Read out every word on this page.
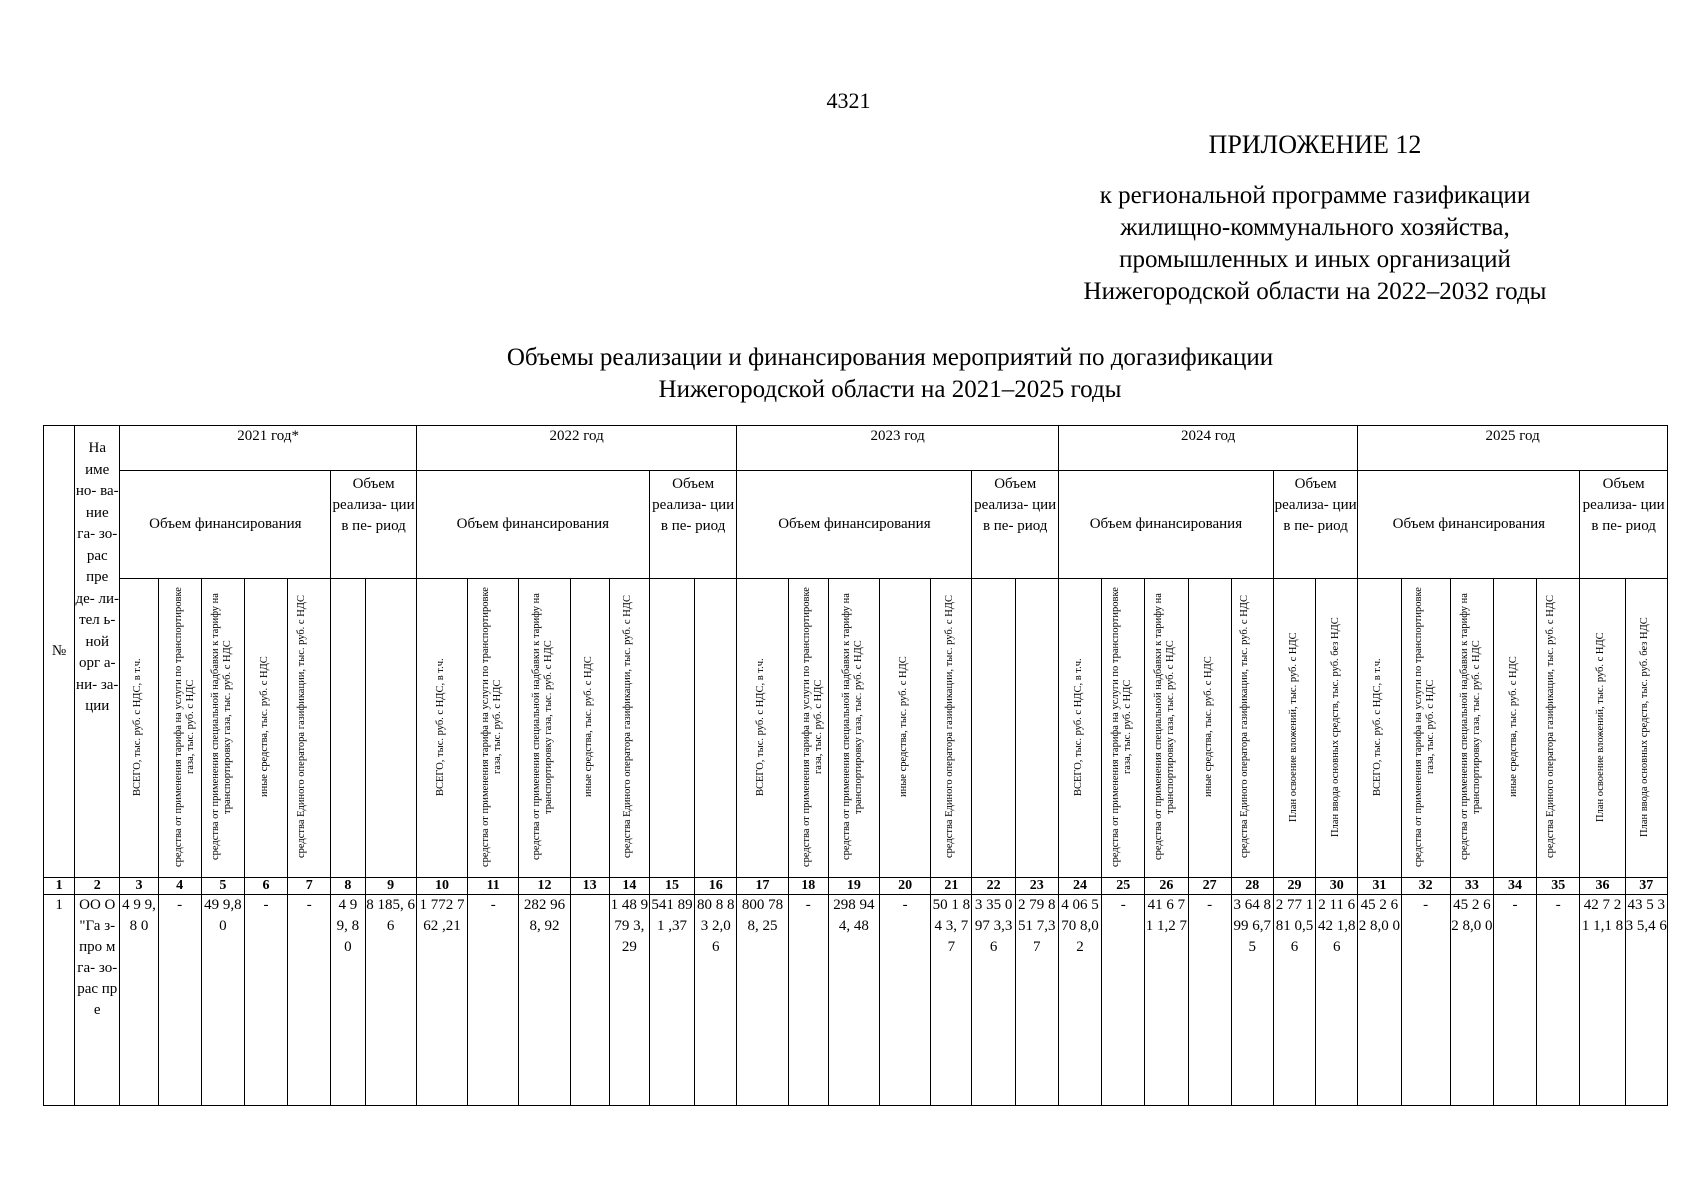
4321
ПРИЛОЖЕНИЕ 12
к региональной программе газификации
жилищно-коммунального хозяйства,
промышленных и иных организаций
Нижегородской области на 2022–2032 годы
Объемы реализации и финансирования мероприятий по догазификации
Нижегородской области на 2021–2025 годы
№	На име но- ва- ние га- зо- рас пре де- ли- тел ь- ной орг а- ни- за- ции	2021 год*							2022 год							2023 год							2024 год							2025 год						
		Объем финансирования					Объем реализа- ции в пе- риод		Объем финансирования					Объем реализа- ции в пе- риод		Объем финансирования					Объем реализа- ции в пе- риод		Объем финансирования					Объем реализа- ции в пе- риод		Объем финансирования					Объем реализа- ции в пе- риод	

		ВСЕГО, тыс. руб. с НДС, в т.ч.	средства от применения тарифа на услуги по транспортировке газа, тыс. руб. с НДС	средства от применения специальной надбавки к тарифу на транспортировку газа, тыс. руб. с НДС	иные средства, тыс. руб. с НДС	средства Единого оператора газификации, тыс. руб. с НДС			ВСЕГО, тыс. руб. с НДС, в т.ч.	средства от применения тарифа на услуги по транспортировке газа, тыс. руб. с НДС	средства от применения специальной надбавки к тарифу на транспортировку газа, тыс. руб. с НДС	иные средства, тыс. руб. с НДС	средства Единого оператора газификации, тыс. руб. с НДС			ВСЕГО, тыс. руб. с НДС, в т.ч.	средства от применения тарифа на услуги по транспортировке газа, тыс. руб. с НДС	средства от применения специальной надбавки к тарифу на транспортировку газа, тыс. руб. с НДС	иные средства, тыс. руб. с НДС	средства Единого оператора газификации, тыс. руб. с НДС			ВСЕГО, тыс. руб. с НДС, в т.ч.	средства от применения тарифа на услуги по транспортировке газа, тыс. руб. с НДС	средства от применения специальной надбавки к тарифу на транспортировку газа, тыс. руб. с НДС	иные средства, тыс. руб. с НДС	средства Единого оператора газификации, тыс. руб. с НДС	План освоение вложений, тыс. руб. с НДС	План ввода основных средств, тыс. руб. без НДС	ВСЕГО, тыс. руб. с НДС, в т.ч.	средства от применения тарифа на услуги по транспортировке газа, тыс. руб. с НДС	средства от применения специальной надбавки к тарифу на транспортировку газа, тыс. руб. с НДС	иные средства, тыс. руб. с НДС	средства Единого оператора газификации, тыс. руб. с НДС	План освоение вложений, тыс. руб. с НДС	План ввода основных средств, тыс. руб. без НДС

1	2	3	4	5	6	7	8	9	10	11	12	13	14	15	16	17	18	19	20	21	22	23	24	25	26	27	28	29	30	31	32	33	34	35	36	37
1	ОО О "Га з- про м га- зо- рас пре	4 9 9, 8 0	-	49 9,8 0	-	-	4 9 9, 8 0	8 185, 66	1 772 762 ,21	-	282 968, 92		1 48 9 79 3, 29	541 891 ,37	80 8 83 2,0 6	800 788, 25	-	298 944, 48	-	50 1 84 3, 77	3 35 0 97 3,3 6	2 79 8 51 7,3 7	4 06 5 70 8,0 2	-	41 6 71 1,2 7	-	3 64 8 99 6,7 5	2 77 1 81 0,5 6	2 11 6 42 1,8 6	45 2 62 8,0 0	-	45 2 62 8,0 0	-	-	42 7 21 1,1 8	43 5 33 5,4 6
